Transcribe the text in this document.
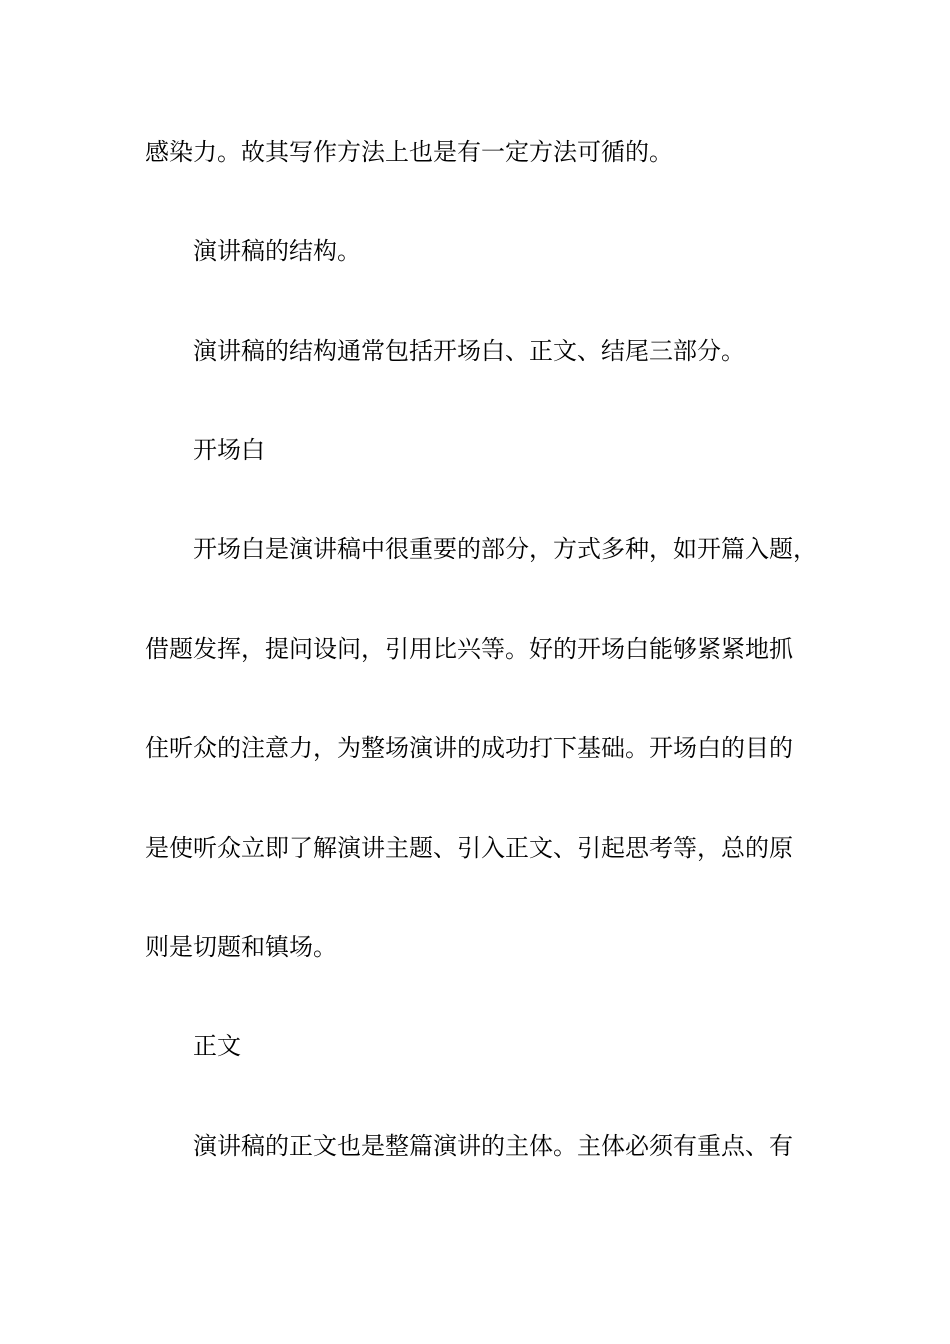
感染力。故其写作方法上也是有一定方法可循的。
演讲稿的结构。
演讲稿的结构通常包括开场白、正文、结尾三部分。
开场白
开场白是演讲稿中很重要的部分，方式多种，如开篇入题，
借题发挥，提问设问，引用比兴等。好的开场白能够紧紧地抓
住听众的注意力，为整场演讲的成功打下基础。开场白的目的
是使听众立即了解演讲主题、引入正文、引起思考等，总的原
则是切题和镇场。
正文
演讲稿的正文也是整篇演讲的主体。主体必须有重点、有
